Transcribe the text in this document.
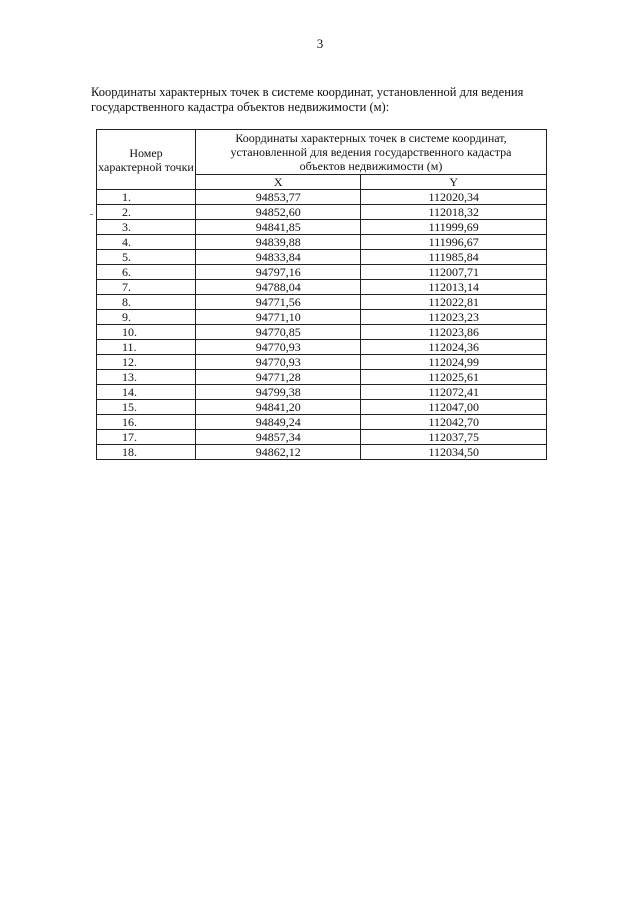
3
Координаты характерных точек в системе координат, установленной для ведения государственного кадастра объектов недвижимости (м):
Номер характерной точки	Координаты характерных точек в системе координат, установленной для ведения государственного кадастра объектов недвижимости (м)	
	X	Y
1.	94853,77	112020,34
2.	94852,60	112018,32
3.	94841,85	111999,69
4.	94839,88	111996,67
5.	94833,84	111985,84
6.	94797,16	112007,71
7.	94788,04	112013,14
8.	94771,56	112022,81
9.	94771,10	112023,23
10.	94770,85	112023,86
11.	94770,93	112024,36
12.	94770,93	112024,99
13.	94771,28	112025,61
14.	94799,38	112072,41
15.	94841,20	112047,00
16.	94849,24	112042,70
17.	94857,34	112037,75
18.	94862,12	112034,50
